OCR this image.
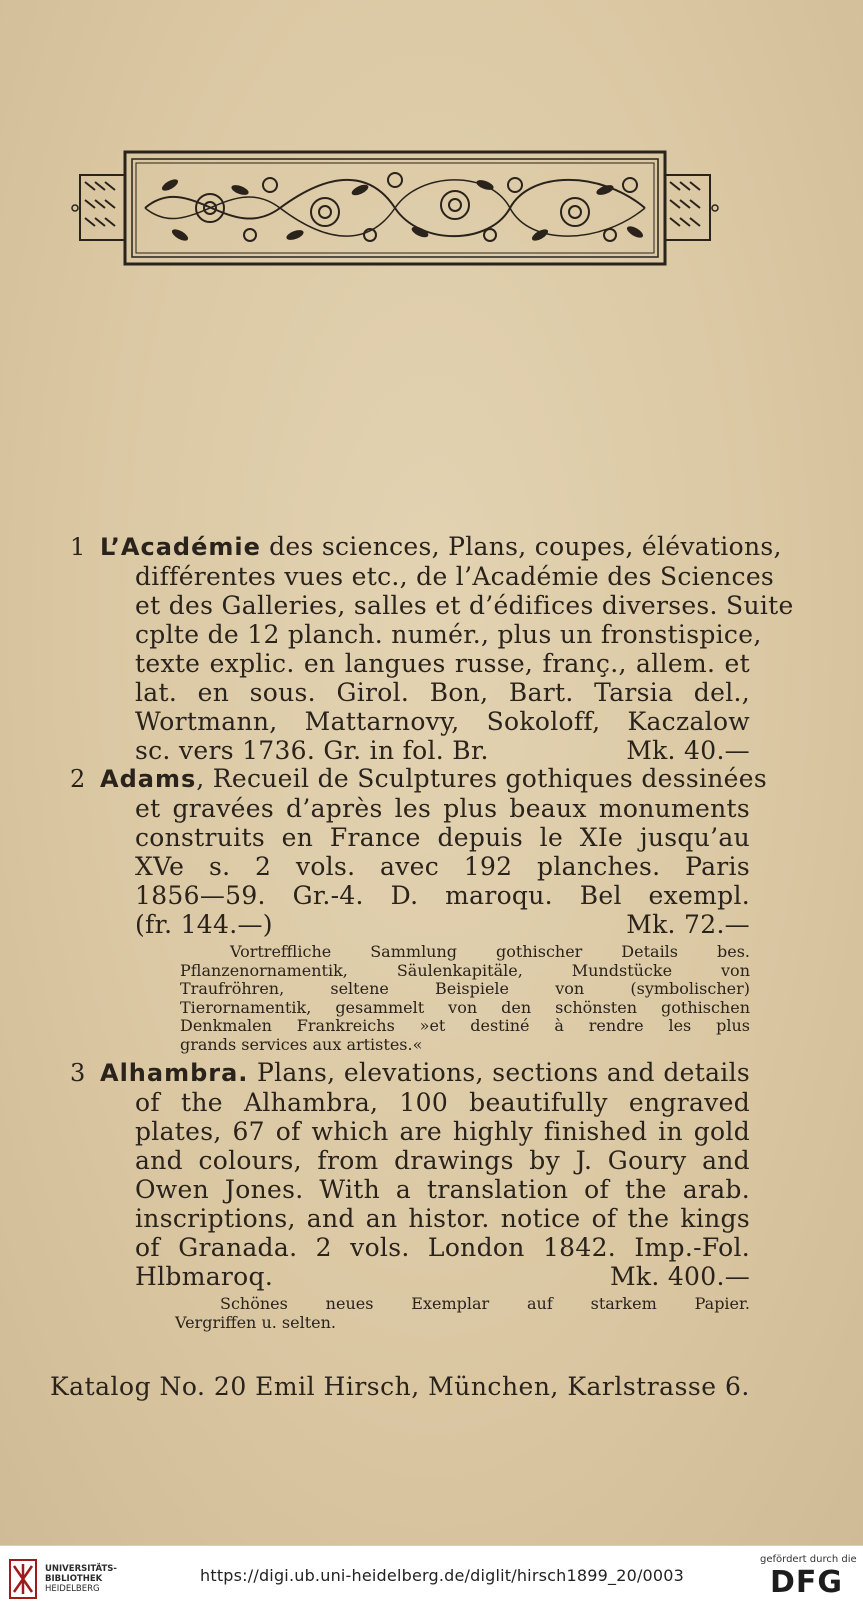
1 L’Académie des sciences, Plans, coupes, élévations,
différentes vues etc., de l’Académie des Sciences
et des Galleries, salles et d’édifices diverses. Suite
cplte de 12 planch. numér., plus un fronstispice,
texte explic. en langues russe, franç., allem. et
lat. en sous. Girol. Bon, Bart. Tarsia del.,
Wortmann, Mattarnovy, Sokoloff, Kaczalow
sc. vers 1736. Gr. in fol. Br.	Mk. 40.—
2 Adams, Recueil de Sculptures gothiques dessinées
et gravées d’après les plus beaux monuments
construits en France depuis le XIe jusqu’au
XVe s. 2 vols. avec 192 planches. Paris
1856—59. Gr.-4. D. maroqu. Bel exempl.
(fr. 144.—)	Mk. 72.—
Vortreffliche Sammlung gothischer Details bes.
Pflanzenornamentik, Säulenkapitäle, Mundstücke von
Traufröhren, seltene Beispiele von (symbolischer)
Tierornamentik, gesammelt von den schönsten gothischen
Denkmalen Frankreichs »et destiné à rendre les plus
grands services aux artistes.«
3 Alhambra. Plans, elevations, sections and details
of the Alhambra, 100 beautifully engraved
plates, 67 of which are highly finished in gold
and colours, from drawings by J. Goury and
Owen Jones. With a translation of the arab.
inscriptions, and an histor. notice of the kings
of Granada. 2 vols. London 1842. Imp.-Fol.
Hlbmaroq.	Mk. 400.—
Schönes neues Exemplar auf starkem Papier.
Vergriffen u. selten.
Katalog No. 20 Emil Hirsch, München, Karlstrasse 6.
UNIVERSITÄTS-
BIBLIOTHEK
HEIDELBERG
https://digi.ub.uni-heidelberg.de/diglit/hirsch1899_20/0003
gefördert durch die
DFG
